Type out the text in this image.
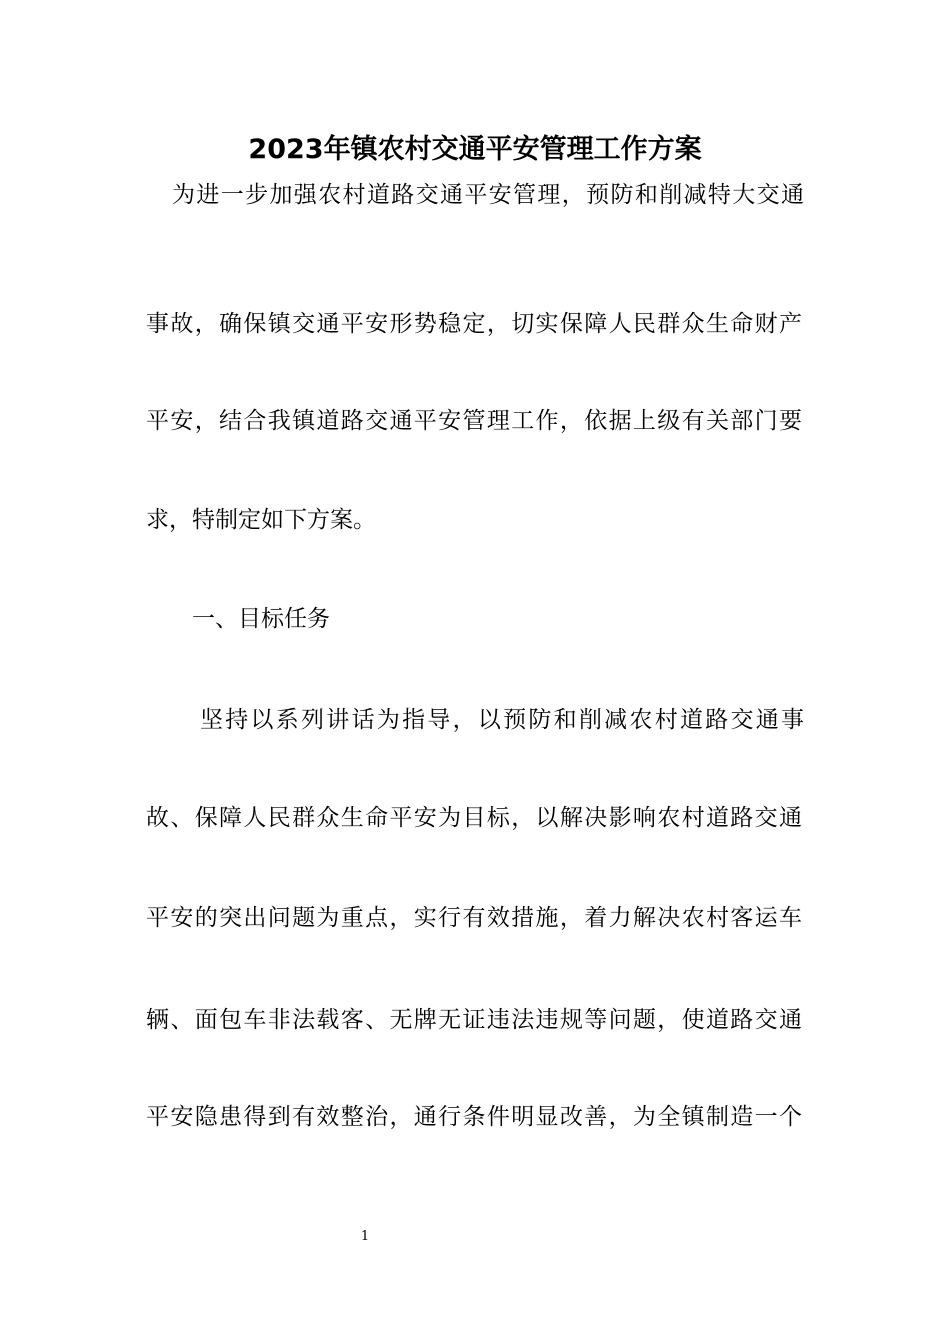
2023年镇农村交通平安管理工作方案
为进一步加强农村道路交通平安管理，预防和削减特大交通
事故，确保镇交通平安形势稳定，切实保障人民群众生命财产
平安，结合我镇道路交通平安管理工作，依据上级有关部门要
求，特制定如下方案。
一、目标任务
坚持以系列讲话为指导，以预防和削减农村道路交通事
故、保障人民群众生命平安为目标，以解决影响农村道路交通
平安的突出问题为重点，实行有效措施，着力解决农村客运车
辆、面包车非法载客、无牌无证违法违规等问题，使道路交通
平安隐患得到有效整治，通行条件明显改善，为全镇制造一个
1
